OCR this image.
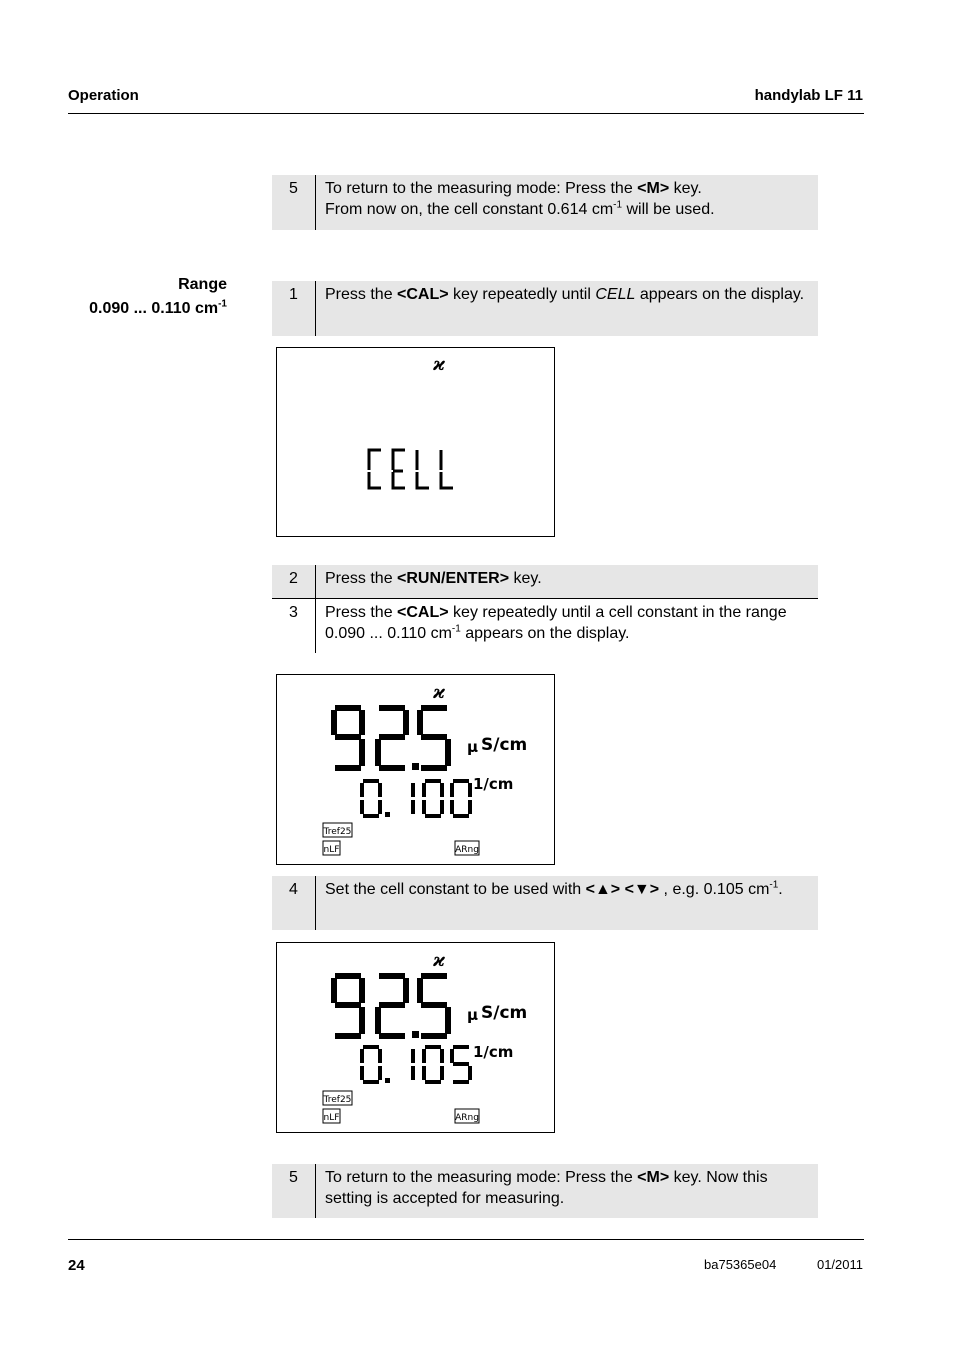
Operation	handylab LF 11
5	To return to the measuring mode: Press the <M> key.
From now on, the cell constant 0.614 $cm^{-1}$ will be used.
Range
0.090 ... 0.110 $cm^{-1}$
1	Press the <CAL> key repeatedly until CELL appears on the display.
ϰ
2	Press the <RUN/ENTER> key.
3	Press the <CAL> key repeatedly until a cell constant in the range 0.090 ... 0.110 $cm^{-1}$ appears on the display.
ϰ
μ S/cm
1/cm
Tref25
nLF	ARng
4	Set the cell constant to be used with <▲> <▼> , e.g. 0.105 $cm^{-1}$.
ϰ
μ S/cm
1/cm
Tref25
nLF	ARng
5	To return to the measuring mode: Press the <M> key. Now this setting is accepted for measuring.
24	ba75365e04	01/2011
